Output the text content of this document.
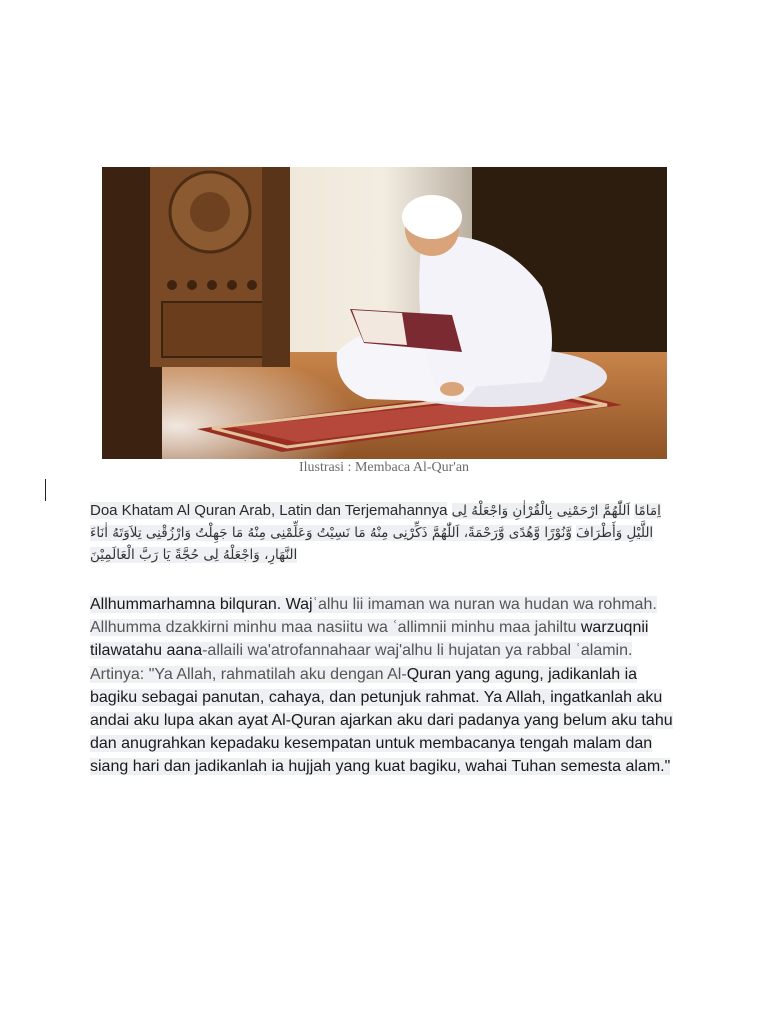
Ilustrasi : Membaca Al-Qur'an
Doa Khatam Al Quran Arab, Latin dan Terjemahannya اَللّٰهُمَّ ارْحَمْنِى بِالْقُرْاٰنِ وَاجْعَلْهُ لِى اِمَامًا وَّنُوْرًا وَّهُدًى وَّرَحْمَةً، اَللّٰهُمَّ ذَكِّرْنِى مِنْهُ مَا نَسِيْتُ وَعَلِّمْنِى مِنْهُ مَا جَهِلْتُ وَارْزُقْنِى تِلاَوَتَهُ اٰنَاءَ اللَّيْلِ وَأَطْرَافَ النَّهَارِ، وَاجْعَلْهُ لِى حُجَّةً يَا رَبَّ الْعَالَمِيْنَ
Allhummarhamna bilquran. Wajʿalhu lii imaman wa nuran wa hudan wa rohmah. Allhumma dzakkirni minhu maa nasiitu wa ʿallimnii minhu maa jahiltu warzuqnii tilawatahu aana-allaili wa'atrofannahaar waj'alhu li hujatan ya rabbal ʿalamin. Artinya: "Ya Allah, rahmatilah aku dengan Al-Quran yang agung, jadikanlah ia bagiku sebagai panutan, cahaya, dan petunjuk rahmat. Ya Allah, ingatkanlah aku andai aku lupa akan ayat Al-Quran ajarkan aku dari padanya yang belum aku tahu dan anugrahkan kepadaku kesempatan untuk membacanya tengah malam dan siang hari dan jadikanlah ia hujjah yang kuat bagiku, wahai Tuhan semesta alam."
